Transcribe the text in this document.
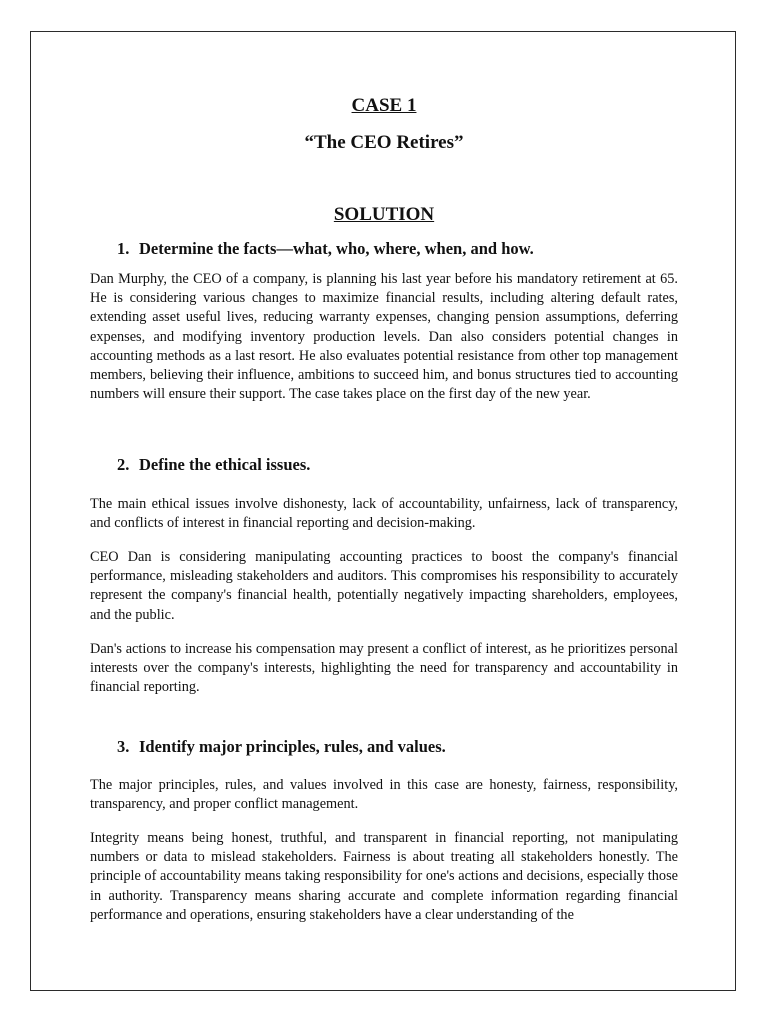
CASE 1

“The CEO Retires”

SOLUTION

1. Determine the facts—what, who, where, when, and how.

Dan Murphy, the CEO of a company, is planning his last year before his mandatory retirement at 65. He is considering various changes to maximize financial results, including altering default rates, extending asset useful lives, reducing warranty expenses, changing pension assumptions, deferring expenses, and modifying inventory production levels. Dan also considers potential changes in accounting methods as a last resort. He also evaluates potential resistance from other top management members, believing their influence, ambitions to succeed him, and bonus structures tied to accounting numbers will ensure their support. The case takes place on the first day of the new year.

2. Define the ethical issues.

The main ethical issues involve dishonesty, lack of accountability, unfairness, lack of transparency, and conflicts of interest in financial reporting and decision-making.

CEO Dan is considering manipulating accounting practices to boost the company's financial performance, misleading stakeholders and auditors. This compromises his responsibility to accurately represent the company's financial health, potentially negatively impacting shareholders, employees, and the public.

Dan's actions to increase his compensation may present a conflict of interest, as he prioritizes personal interests over the company's interests, highlighting the need for transparency and accountability in financial reporting.

3. Identify major principles, rules, and values.

The major principles, rules, and values involved in this case are honesty, fairness, responsibility, transparency, and proper conflict management.

Integrity means being honest, truthful, and transparent in financial reporting, not manipulating numbers or data to mislead stakeholders. Fairness is about treating all stakeholders honestly. The principle of accountability means taking responsibility for one's actions and decisions, especially those in authority. Transparency means sharing accurate and complete information regarding financial performance and operations, ensuring stakeholders have a clear understanding of the
